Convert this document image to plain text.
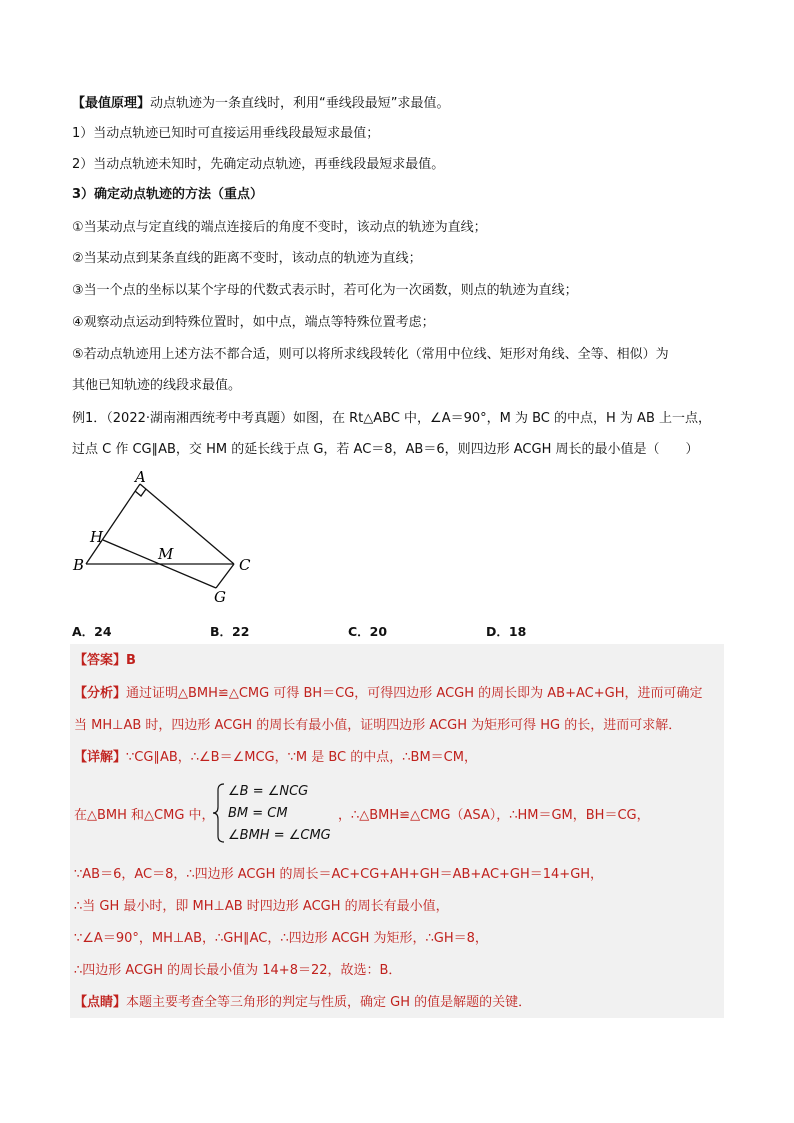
【最值原理】动点轨迹为一条直线时，利用“垂线段最短”求最值。
1）当动点轨迹已知时可直接运用垂线段最短求最值；
2）当动点轨迹未知时，先确定动点轨迹，再垂线段最短求最值。
3）确定动点轨迹的方法（重点）
①当某动点与定直线的端点连接后的角度不变时，该动点的轨迹为直线；
②当某动点到某条直线的距离不变时，该动点的轨迹为直线；
③当一个点的坐标以某个字母的代数式表示时，若可化为一次函数，则点的轨迹为直线；
④观察动点运动到特殊位置时，如中点，端点等特殊位置考虑；
⑤若动点轨迹用上述方法不都合适，则可以将所求线段转化（常用中位线、矩形对角线、全等、相似）为
其他已知轨迹的线段求最值。
例1．（2022·湖南湘西统考中考真题）如图，在 Rt△ABC 中，∠A＝90°，M 为 BC 的中点，H 为 AB 上一点，
过点 C 作 CG∥AB，交 HM 的延长线于点 G，若 AC＝8，AB＝6，则四边形 ACGH 周长的最小值是（　　）
A
B	C
G
H
M
A．24	B．22	C．20	D．18
【答案】B
【分析】通过证明△BMH≌△CMG 可得 BH＝CG，可得四边形 ACGH 的周长即为 AB+AC+GH，进而可确定
当 MH⊥AB 时，四边形 ACGH 的周长有最小值，证明四边形 ACGH 为矩形可得 HG 的长，进而可求解．
【详解】∵CG∥AB，∴∠B＝∠MCG，∵M 是 BC 的中点，∴BM＝CM，
在△BMH 和△CMG 中，
∠B = ∠NCG
BM = CM
∠BMH = ∠CMG
，∴△BMH≌△CMG（ASA），∴HM＝GM，BH＝CG，
∵AB＝6，AC＝8，∴四边形 ACGH 的周长＝AC+CG+AH+GH＝AB+AC+GH＝14+GH，
∴当 GH 最小时，即 MH⊥AB 时四边形 ACGH 的周长有最小值，
∵∠A＝90°，MH⊥AB，∴GH∥AC，∴四边形 ACGH 为矩形，∴GH＝8，
∴四边形 ACGH 的周长最小值为 14+8＝22，故选：B．
【点睛】本题主要考查全等三角形的判定与性质，确定 GH 的值是解题的关键．
